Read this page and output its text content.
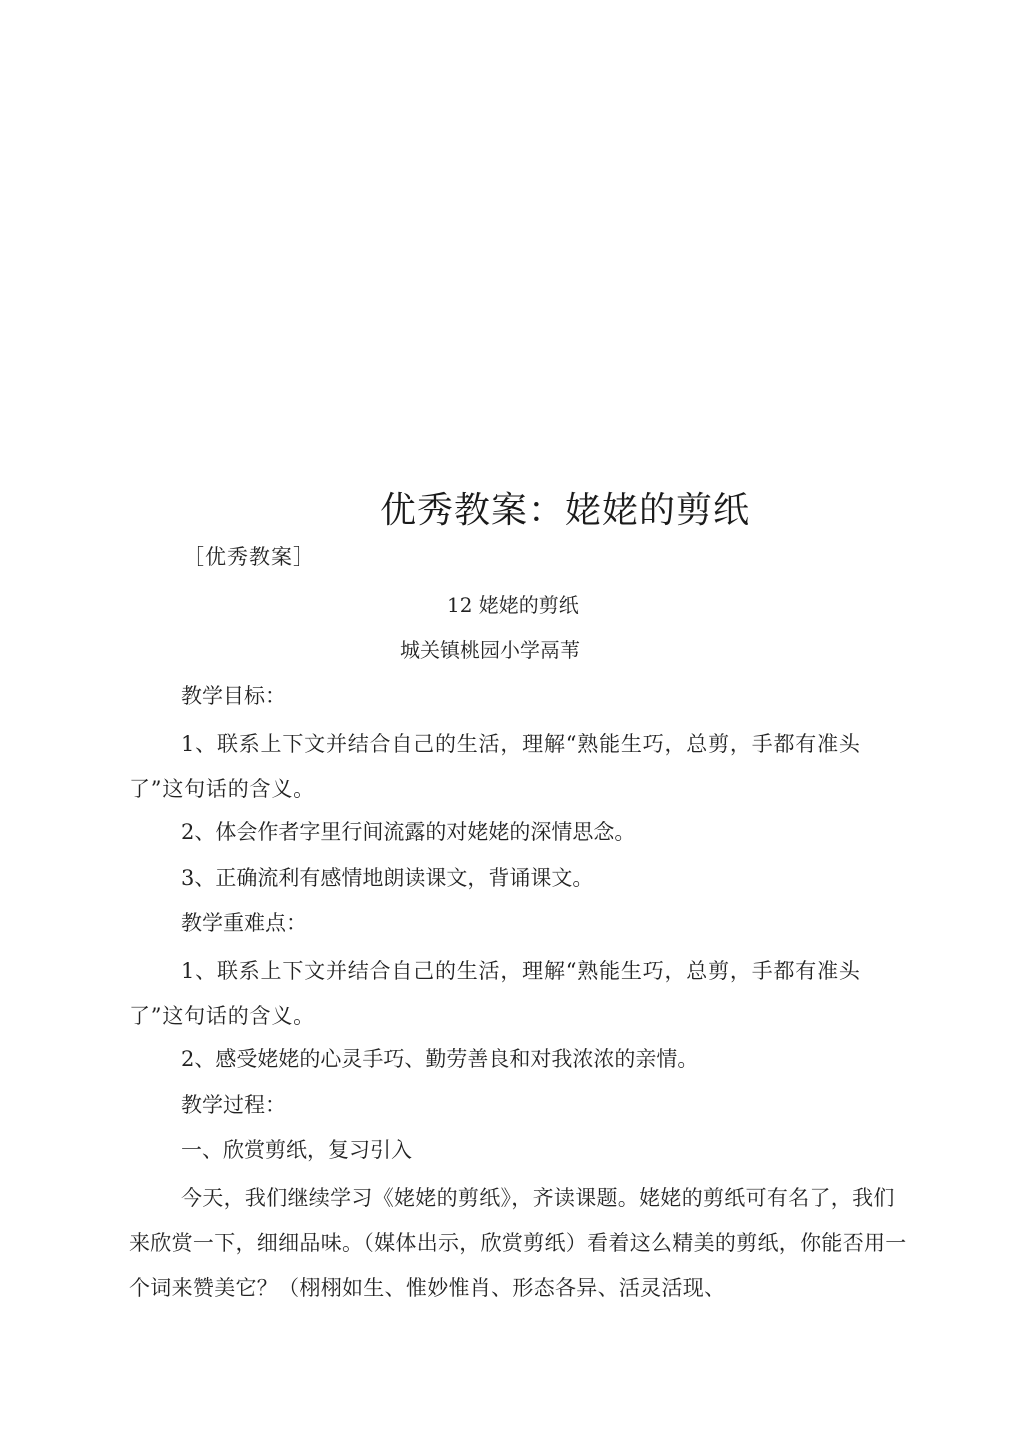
优秀教案：姥姥的剪纸
［优秀教案］
12 姥姥的剪纸
城关镇桃园小学鬲苇
教学目标：
1、联系上下文并结合自己的生活，理解“熟能生巧，总剪，手都有准头了”这句话的含义。
2、体会作者字里行间流露的对姥姥的深情思念。
3、正确流利有感情地朗读课文，背诵课文。
教学重难点：
1、联系上下文并结合自己的生活，理解“熟能生巧，总剪，手都有准头了”这句话的含义。
2、感受姥姥的心灵手巧、勤劳善良和对我浓浓的亲情。
教学过程：
一、欣赏剪纸，复习引入
今天，我们继续学习《姥姥的剪纸》，齐读课题。姥姥的剪纸可有名了，我们来欣赏一下，细细品味。（媒体出示，欣赏剪纸）看着这么精美的剪纸，你能否用一个词来赞美它？（栩栩如生、惟妙惟肖、形态各异、活灵活现、
